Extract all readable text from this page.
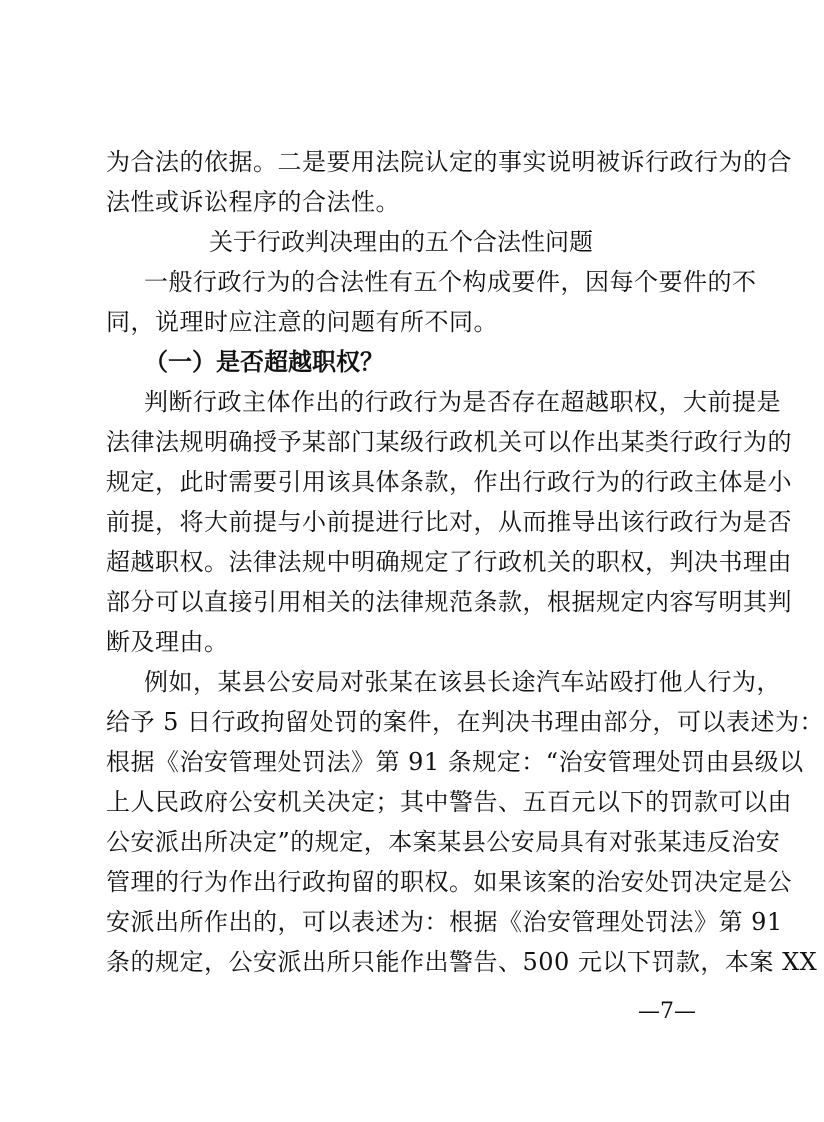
为合法的依据。二是要用法院认定的事实说明被诉行政行为的合
法性或诉讼程序的合法性。
关于行政判决理由的五个合法性问题
一般行政行为的合法性有五个构成要件，因每个要件的不
同，说理时应注意的问题有所不同。
（一）是否超越职权？
判断行政主体作出的行政行为是否存在超越职权，大前提是
法律法规明确授予某部门某级行政机关可以作出某类行政行为的
规定，此时需要引用该具体条款，作出行政行为的行政主体是小
前提，将大前提与小前提进行比对，从而推导出该行政行为是否
超越职权。法律法规中明确规定了行政机关的职权，判决书理由
部分可以直接引用相关的法律规范条款，根据规定内容写明其判
断及理由。
例如，某县公安局对张某在该县长途汽车站殴打他人行为，
给予 5 日行政拘留处罚的案件，在判决书理由部分，可以表述为：
根据《治安管理处罚法》第 91 条规定：“治安管理处罚由县级以
上人民政府公安机关决定；其中警告、五百元以下的罚款可以由
公安派出所决定”的规定，本案某县公安局具有对张某违反治安
管理的行为作出行政拘留的职权。如果该案的治安处罚决定是公
安派出所作出的，可以表述为：根据《治安管理处罚法》第 91
条的规定，公安派出所只能作出警告、500 元以下罚款，本案 XX
—7—
